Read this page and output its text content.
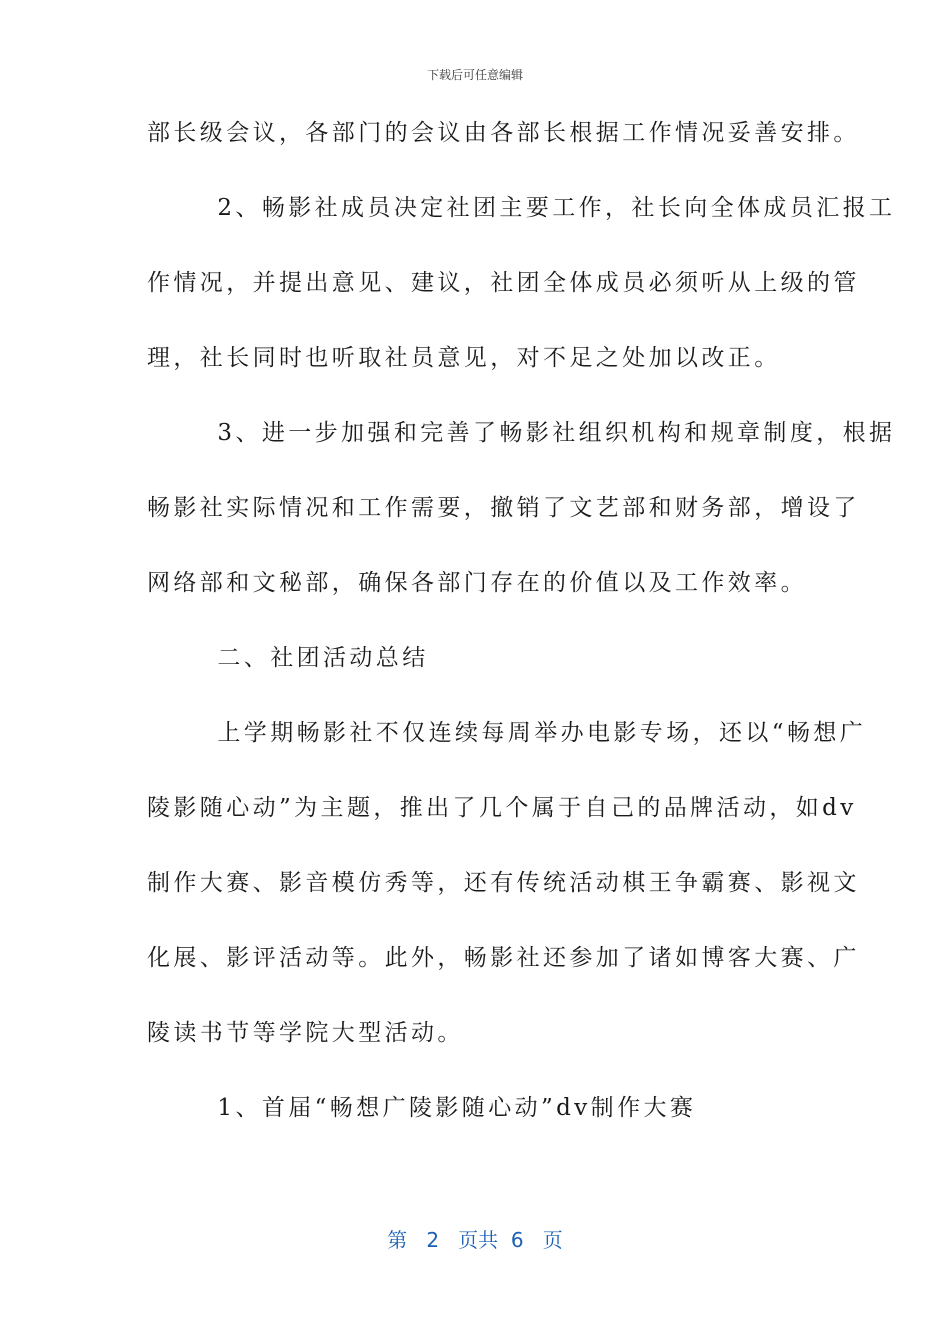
下载后可任意编辑
部长级会议，各部门的会议由各部长根据工作情况妥善安排。
　2、畅影社成员决定社团主要工作，社长向全体成员汇报工
作情况，并提出意见、建议，社团全体成员必须听从上级的管
理，社长同时也听取社员意见，对不足之处加以改正。
　3、进一步加强和完善了畅影社组织机构和规章制度，根据
畅影社实际情况和工作需要，撤销了文艺部和财务部，增设了
网络部和文秘部，确保各部门存在的价值以及工作效率。
　二、社团活动总结
　上学期畅影社不仅连续每周举办电影专场，还以“畅想广
陵影随心动”为主题，推出了几个属于自己的品牌活动，如dv
制作大赛、影音模仿秀等，还有传统活动棋王争霸赛、影视文
化展、影评活动等。此外，畅影社还参加了诸如博客大赛、广
陵读书节等学院大型活动。
　1、首届“畅想广陵影随心动”dv制作大赛
第 2 页共 6 页
